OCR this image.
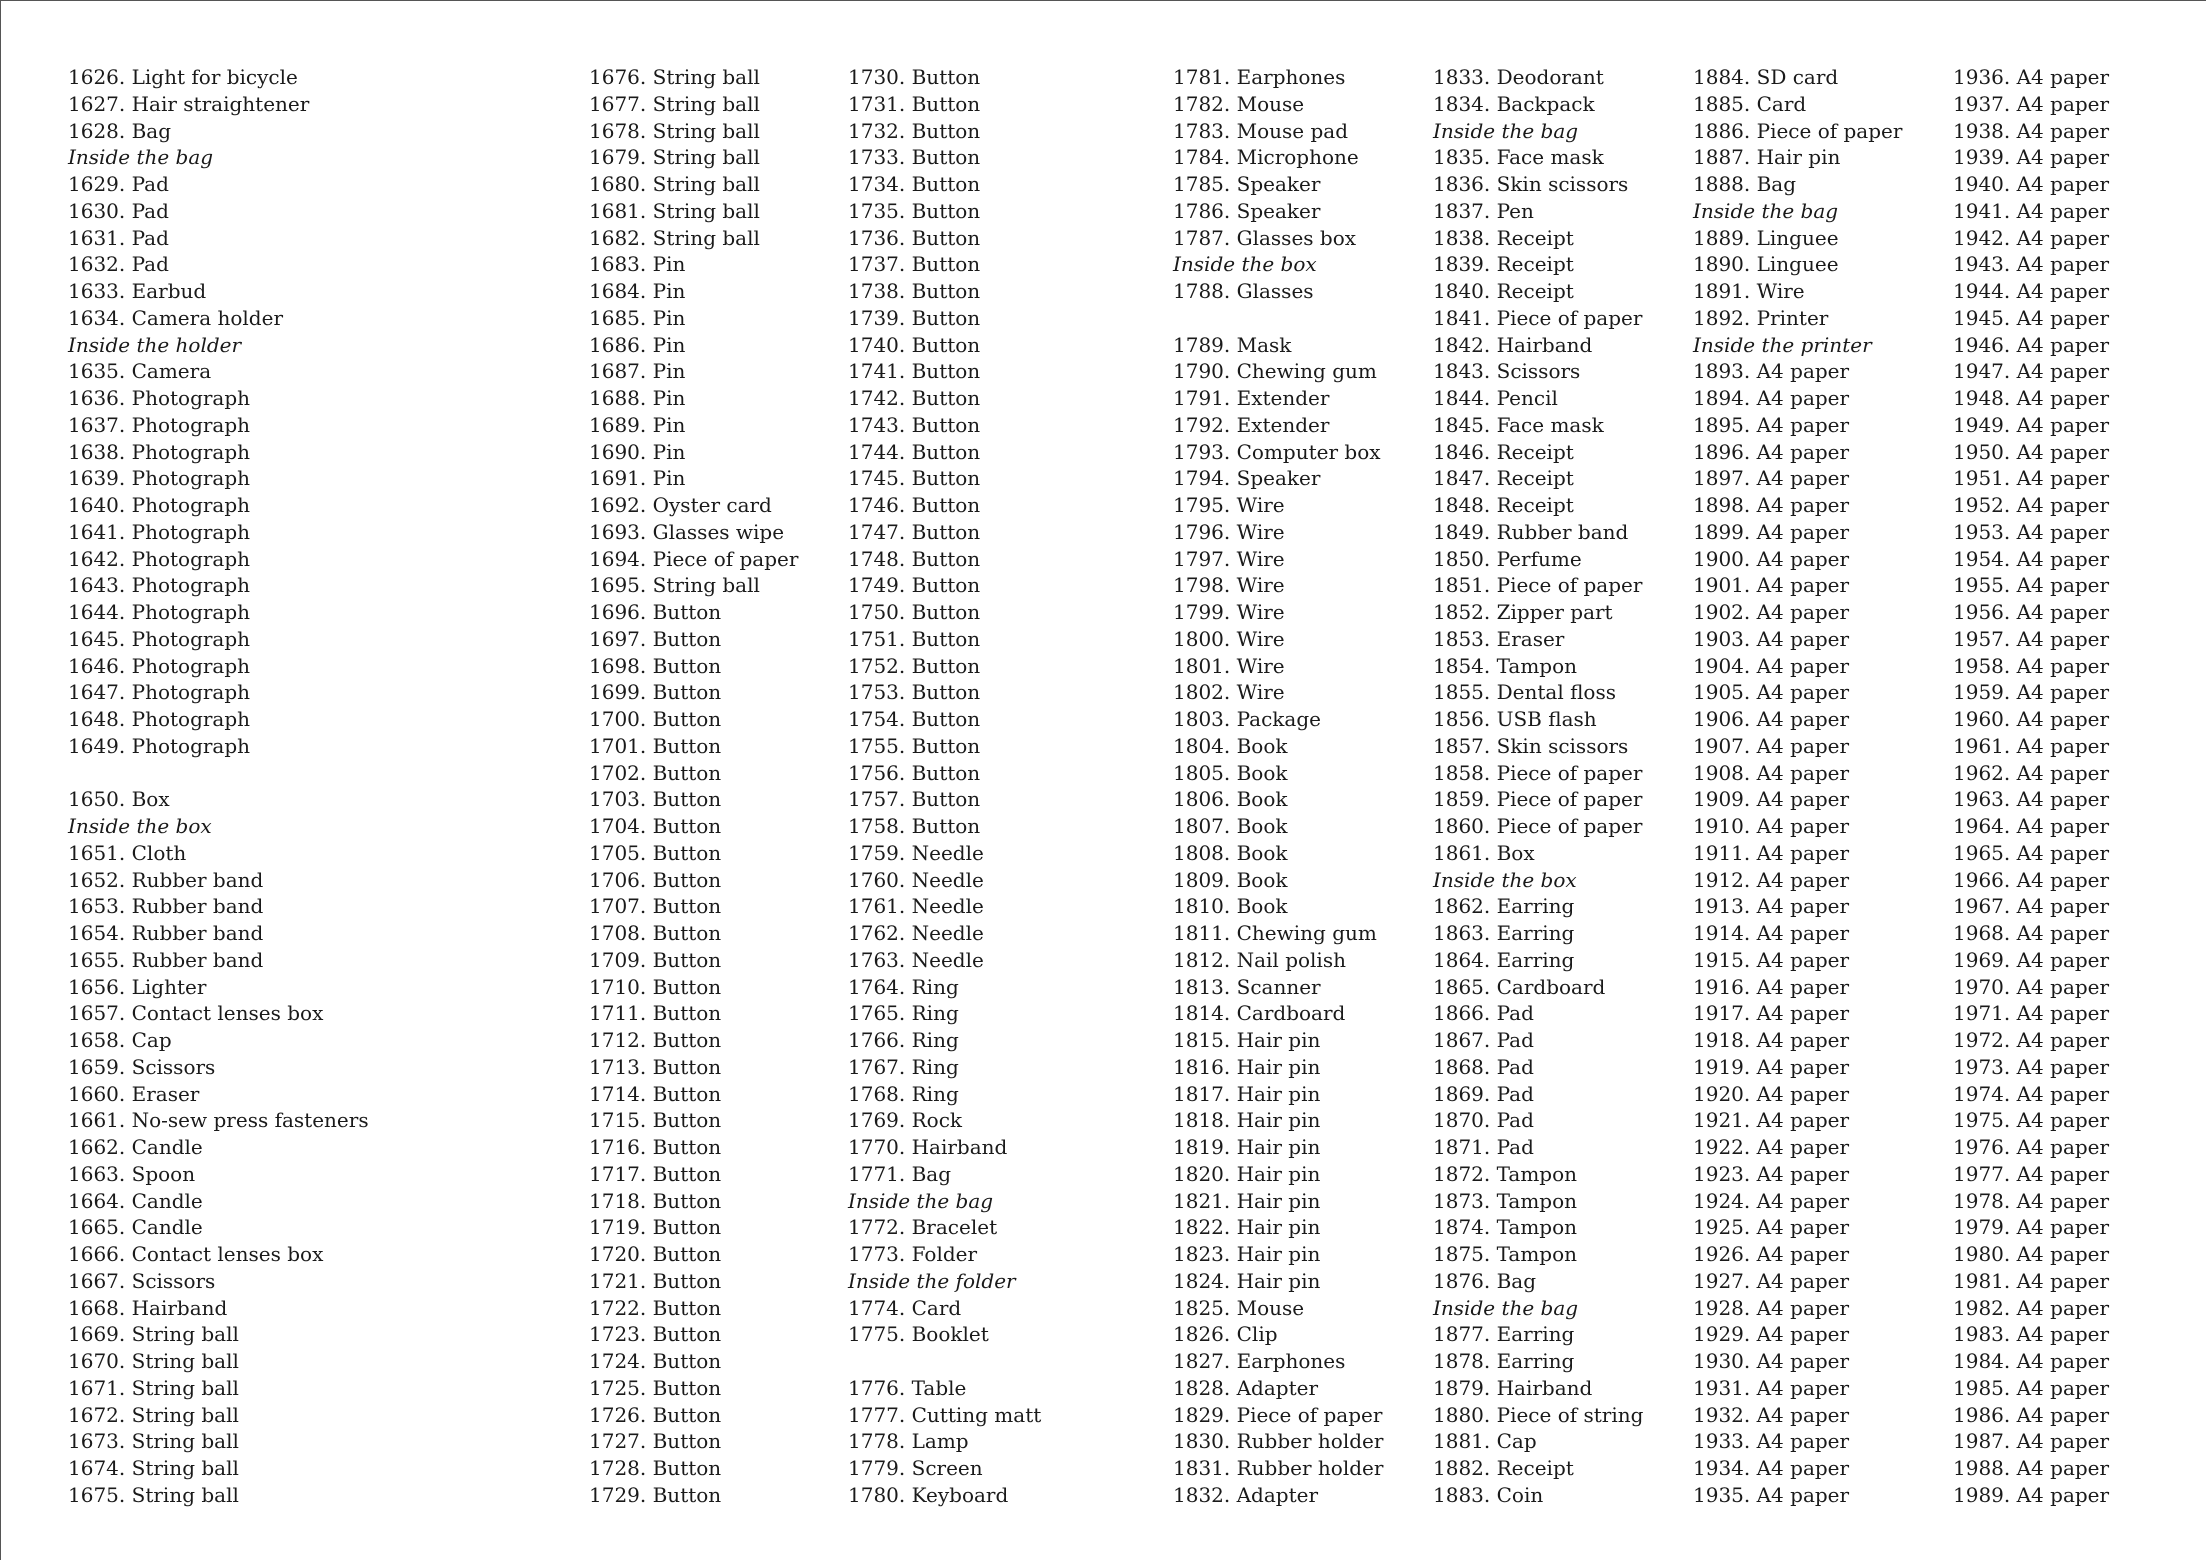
1626. Light for bicycle
1627. Hair straightener
1628. Bag
Inside the bag
1629. Pad
1630. Pad
1631. Pad
1632. Pad
1633. Earbud
1634. Camera holder
Inside the holder
1635. Camera
1636. Photograph
1637. Photograph
1638. Photograph
1639. Photograph
1640. Photograph
1641. Photograph
1642. Photograph
1643. Photograph
1644. Photograph
1645. Photograph
1646. Photograph
1647. Photograph
1648. Photograph
1649. Photograph
1650. Box
Inside the box
1651. Cloth
1652. Rubber band
1653. Rubber band
1654. Rubber band
1655. Rubber band
1656. Lighter
1657. Contact lenses box
1658. Cap
1659. Scissors
1660. Eraser
1661. No-sew press fasteners
1662. Candle
1663. Spoon
1664. Candle
1665. Candle
1666. Contact lenses box
1667. Scissors
1668. Hairband
1669. String ball
1670. String ball
1671. String ball
1672. String ball
1673. String ball
1674. String ball
1675. String ball
1676. String ball
1677. String ball
1678. String ball
1679. String ball
1680. String ball
1681. String ball
1682. String ball
1683. Pin
1684. Pin
1685. Pin
1686. Pin
1687. Pin
1688. Pin
1689. Pin
1690. Pin
1691. Pin
1692. Oyster card
1693. Glasses wipe
1694. Piece of paper
1695. String ball
1696. Button
1697. Button
1698. Button
1699. Button
1700. Button
1701. Button
1702. Button
1703. Button
1704. Button
1705. Button
1706. Button
1707. Button
1708. Button
1709. Button
1710. Button
1711. Button
1712. Button
1713. Button
1714. Button
1715. Button
1716. Button
1717. Button
1718. Button
1719. Button
1720. Button
1721. Button
1722. Button
1723. Button
1724. Button
1725. Button
1726. Button
1727. Button
1728. Button
1729. Button
1730. Button
1731. Button
1732. Button
1733. Button
1734. Button
1735. Button
1736. Button
1737. Button
1738. Button
1739. Button
1740. Button
1741. Button
1742. Button
1743. Button
1744. Button
1745. Button
1746. Button
1747. Button
1748. Button
1749. Button
1750. Button
1751. Button
1752. Button
1753. Button
1754. Button
1755. Button
1756. Button
1757. Button
1758. Button
1759. Needle
1760. Needle
1761. Needle
1762. Needle
1763. Needle
1764. Ring
1765. Ring
1766. Ring
1767. Ring
1768. Ring
1769. Rock
1770. Hairband
1771. Bag
Inside the bag
1772. Bracelet
1773. Folder
Inside the folder
1774. Card
1775. Booklet
1776. Table
1777. Cutting matt
1778. Lamp
1779. Screen
1780. Keyboard
1781. Earphones
1782. Mouse
1783. Mouse pad
1784. Microphone
1785. Speaker
1786. Speaker
1787. Glasses box
Inside the box
1788. Glasses
1789. Mask
1790. Chewing gum
1791. Extender
1792. Extender
1793. Computer box
1794. Speaker
1795. Wire
1796. Wire
1797. Wire
1798. Wire
1799. Wire
1800. Wire
1801. Wire
1802. Wire
1803. Package
1804. Book
1805. Book
1806. Book
1807. Book
1808. Book
1809. Book
1810. Book
1811. Chewing gum
1812. Nail polish
1813. Scanner
1814. Cardboard
1815. Hair pin
1816. Hair pin
1817. Hair pin
1818. Hair pin
1819. Hair pin
1820. Hair pin
1821. Hair pin
1822. Hair pin
1823. Hair pin
1824. Hair pin
1825. Mouse
1826. Clip
1827. Earphones
1828. Adapter
1829. Piece of paper
1830. Rubber holder
1831. Rubber holder
1832. Adapter
1833. Deodorant
1834. Backpack
Inside the bag
1835. Face mask
1836. Skin scissors
1837. Pen
1838. Receipt
1839. Receipt
1840. Receipt
1841. Piece of paper
1842. Hairband
1843. Scissors
1844. Pencil
1845. Face mask
1846. Receipt
1847. Receipt
1848. Receipt
1849. Rubber band
1850. Perfume
1851. Piece of paper
1852. Zipper part
1853. Eraser
1854. Tampon
1855. Dental floss
1856. USB flash
1857. Skin scissors
1858. Piece of paper
1859. Piece of paper
1860. Piece of paper
1861. Box
Inside the box
1862. Earring
1863. Earring
1864. Earring
1865. Cardboard
1866. Pad
1867. Pad
1868. Pad
1869. Pad
1870. Pad
1871. Pad
1872. Tampon
1873. Tampon
1874. Tampon
1875. Tampon
1876. Bag
Inside the bag
1877. Earring
1878. Earring
1879. Hairband
1880. Piece of string
1881. Cap
1882. Receipt
1883. Coin
1884. SD card
1885. Card
1886. Piece of paper
1887. Hair pin
1888. Bag
Inside the bag
1889. Linguee
1890. Linguee
1891. Wire
1892. Printer
Inside the printer
1893. A4 paper
1894. A4 paper
1895. A4 paper
1896. A4 paper
1897. A4 paper
1898. A4 paper
1899. A4 paper
1900. A4 paper
1901. A4 paper
1902. A4 paper
1903. A4 paper
1904. A4 paper
1905. A4 paper
1906. A4 paper
1907. A4 paper
1908. A4 paper
1909. A4 paper
1910. A4 paper
1911. A4 paper
1912. A4 paper
1913. A4 paper
1914. A4 paper
1915. A4 paper
1916. A4 paper
1917. A4 paper
1918. A4 paper
1919. A4 paper
1920. A4 paper
1921. A4 paper
1922. A4 paper
1923. A4 paper
1924. A4 paper
1925. A4 paper
1926. A4 paper
1927. A4 paper
1928. A4 paper
1929. A4 paper
1930. A4 paper
1931. A4 paper
1932. A4 paper
1933. A4 paper
1934. A4 paper
1935. A4 paper
1936. A4 paper
1937. A4 paper
1938. A4 paper
1939. A4 paper
1940. A4 paper
1941. A4 paper
1942. A4 paper
1943. A4 paper
1944. A4 paper
1945. A4 paper
1946. A4 paper
1947. A4 paper
1948. A4 paper
1949. A4 paper
1950. A4 paper
1951. A4 paper
1952. A4 paper
1953. A4 paper
1954. A4 paper
1955. A4 paper
1956. A4 paper
1957. A4 paper
1958. A4 paper
1959. A4 paper
1960. A4 paper
1961. A4 paper
1962. A4 paper
1963. A4 paper
1964. A4 paper
1965. A4 paper
1966. A4 paper
1967. A4 paper
1968. A4 paper
1969. A4 paper
1970. A4 paper
1971. A4 paper
1972. A4 paper
1973. A4 paper
1974. A4 paper
1975. A4 paper
1976. A4 paper
1977. A4 paper
1978. A4 paper
1979. A4 paper
1980. A4 paper
1981. A4 paper
1982. A4 paper
1983. A4 paper
1984. A4 paper
1985. A4 paper
1986. A4 paper
1987. A4 paper
1988. A4 paper
1989. A4 paper
